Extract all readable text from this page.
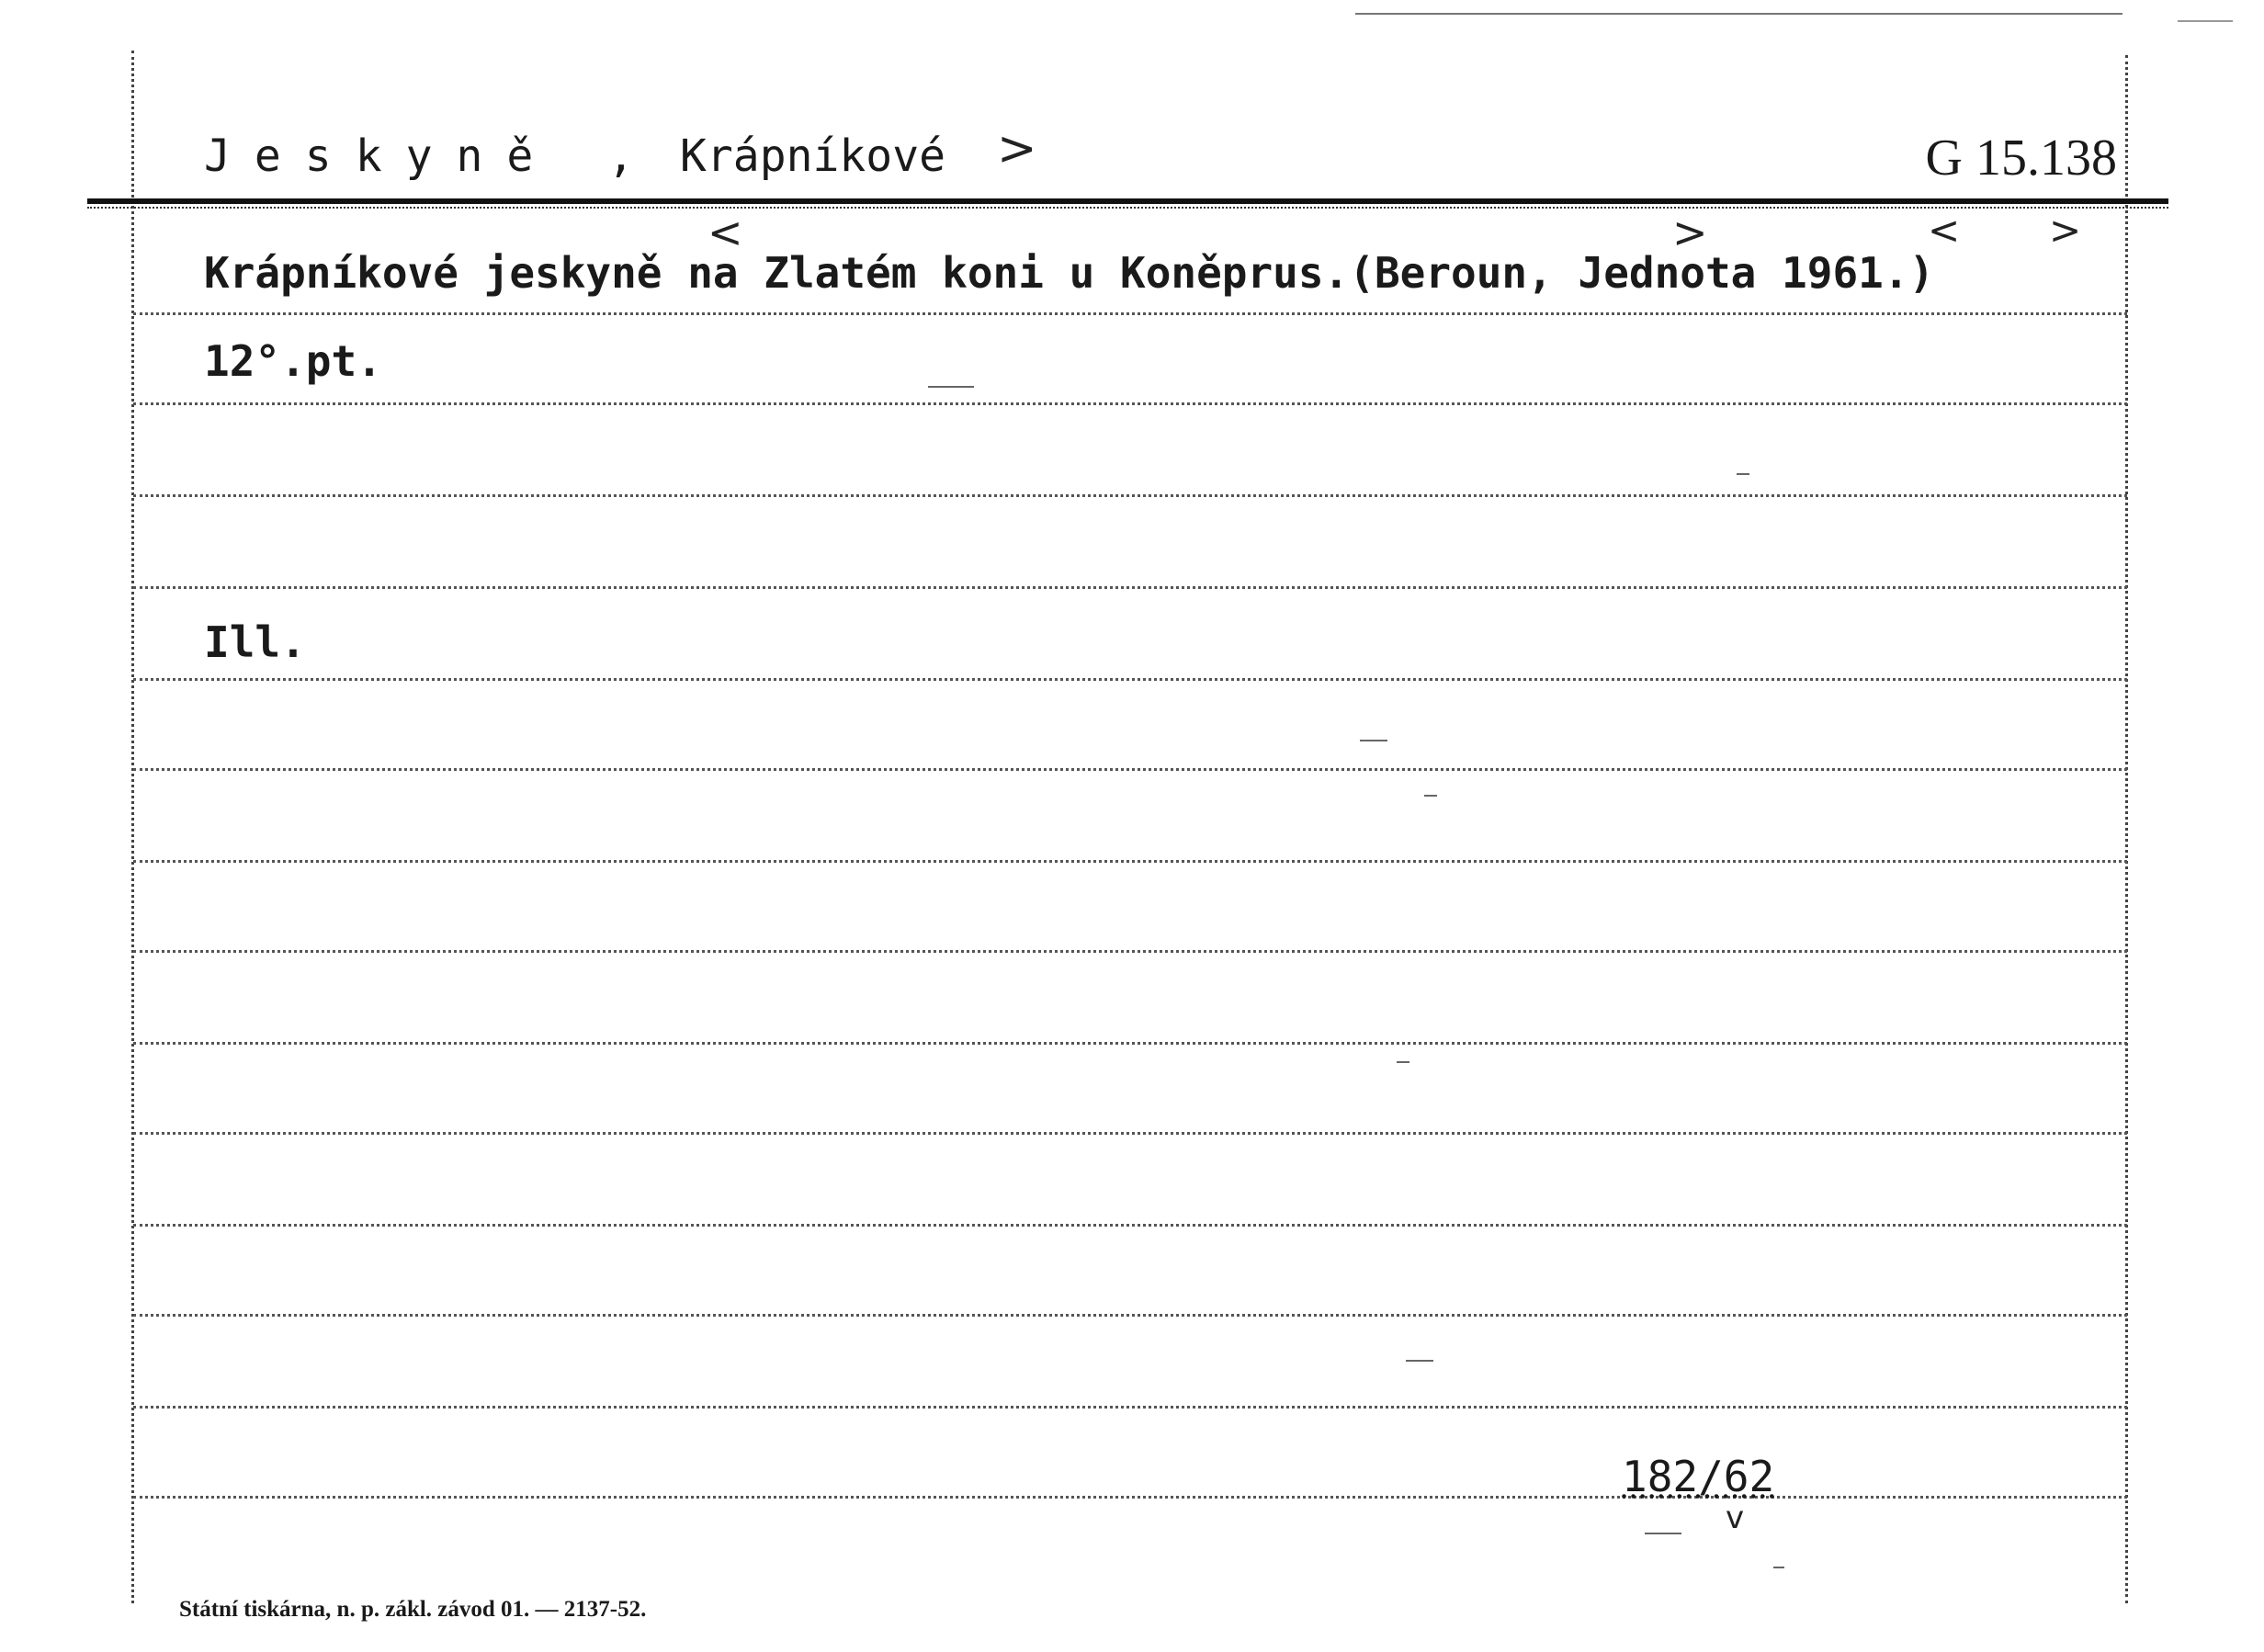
Jeskyně , Krápníkové >	G 15.138
<	>	< >
Krápníkové jeskyně na Zlatém koni u Koněprus.(Beroun, Jednota 1961.)
12°.pt.
Ill.
182/62
v
Státní tiskárna, n. p. zákl. závod 01. — 2137-52.
